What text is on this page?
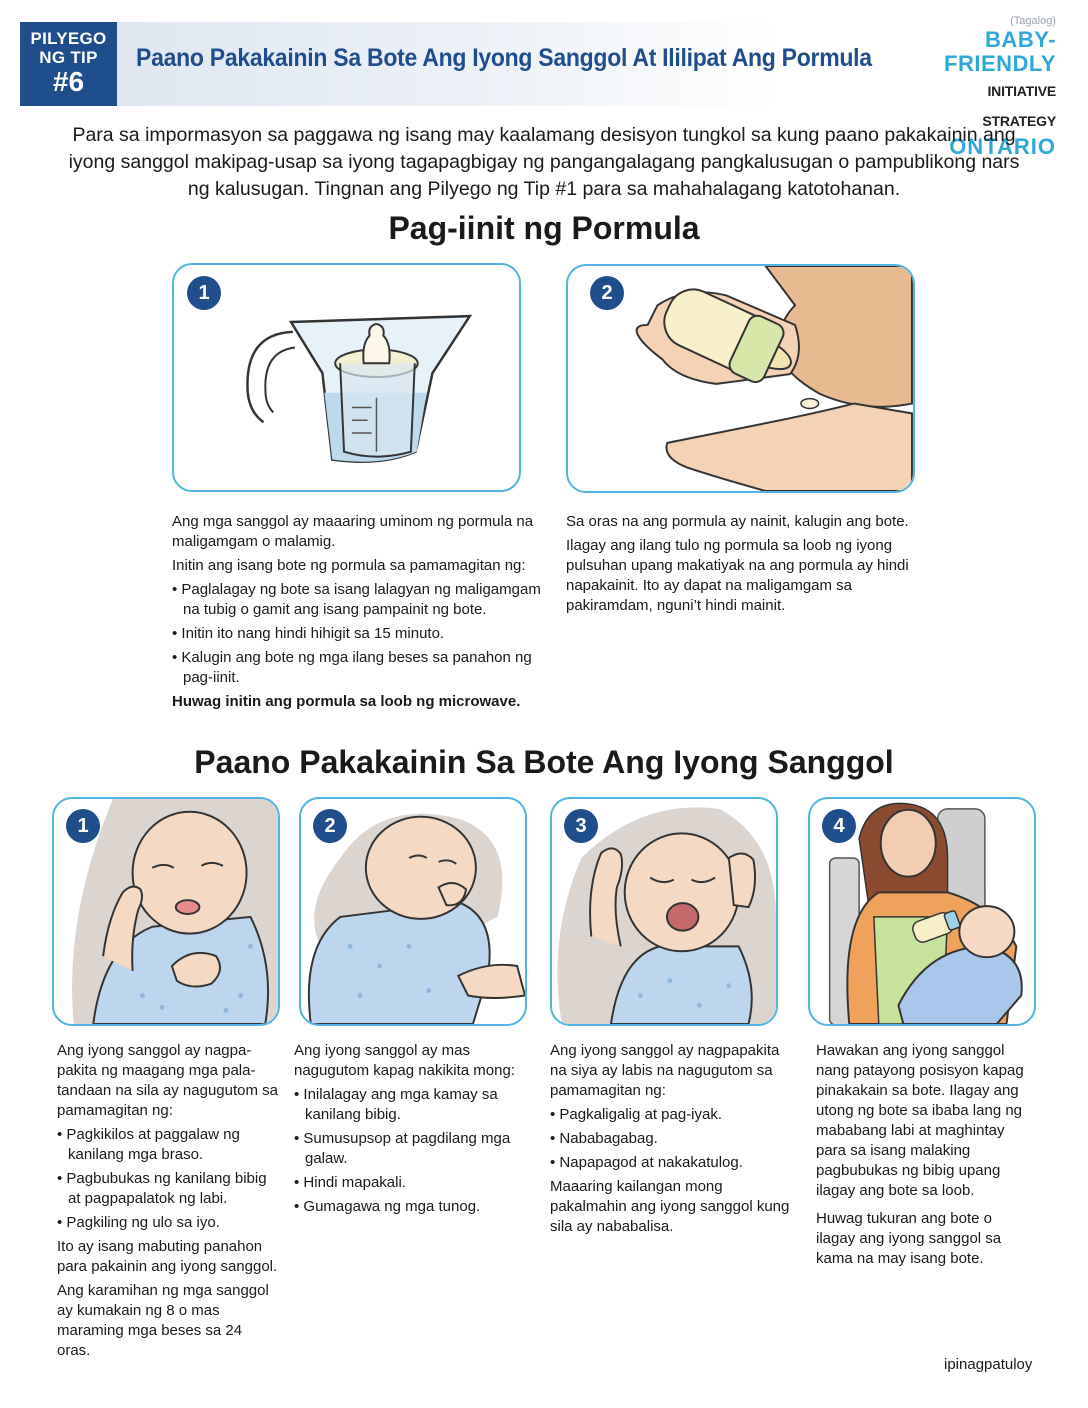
PILYEGO
NG TIP
#6
Paano Pakakainin Sa Bote Ang Iyong Sanggol At Ililipat Ang Pormula
(Tagalog)
BABY-FRIENDLY
INITIATIVE STRATEGY
ONTARIO
Para sa impormasyon sa paggawa ng isang may kaalamang desisyon tungkol sa kung paano pakakainin ang iyong sanggol makipag-usap sa iyong tagapagbigay ng pangangalagang pangkalusugan o pampublikong nars ng kalusugan. Tingnan ang Pilyego ng Tip #1 para sa mahahalagang katotohanan.
Pag-iinit ng Pormula
1	2

Ang mga sanggol ay maaaring uminom ng pormula na maligamgam o malamig.

Initin ang isang bote ng pormula sa pamamagitan ng:

• Paglalagay ng bote sa isang lalagyan ng maligamgam na tubig o gamit ang isang pampainit ng bote.
• Initin ito nang hindi hihigit sa 15 minuto.
• Kalugin ang bote ng mga ilang beses sa panahon ng pag-iinit.

Huwag initin ang pormula sa loob ng microwave.

Sa oras na ang pormula ay nainit, kalugin ang bote.

Ilagay ang ilang tulo ng pormula sa loob ng iyong pulsuhan upang makatiyak na ang pormula ay hindi napakainit. Ito ay dapat na maligamgam sa pakiramdam, nguni’t hindi mainit.

Paano Pakakainin Sa Bote Ang Iyong Sanggol
1	2	3	4

Ang iyong sanggol ay nagpa-pakita ng maagang mga pala-tandaan na sila ay nagugutom sa pamamagitan ng:

• Pagkikilos at paggalaw ng kanilang mga braso.
• Pagbubukas ng kanilang bibig at pagpapalatok ng labi.
• Pagkiling ng ulo sa iyo.

Ito ay isang mabuting panahon para pakainin ang iyong sanggol.

Ang karamihan ng mga sanggol ay kumakain ng 8 o mas maraming mga beses sa 24 oras.

Ang iyong sanggol ay mas nagugutom kapag nakikita mong:

• Inilalagay ang mga kamay sa kanilang bibig.
• Sumusupsop at pagdilang mga galaw.
• Hindi mapakali.
• Gumagawa ng mga tunog.

Ang iyong sanggol ay nagpapakita na siya ay labis na nagugutom sa pamamagitan ng:

• Pagkaligalig at pag-iyak.
• Nababagabag.
• Napapagod at nakakatulog.

Maaaring kailangan mong pakalmahin ang iyong sanggol kung sila ay nababalisa.

Hawakan ang iyong sanggol nang patayong posisyon kapag pinakakain sa bote. Ilagay ang utong ng bote sa ibaba lang ng mababang labi at maghintay para sa isang malaking pagbubukas ng bibig upang ilagay ang bote sa loob.

Huwag tukuran ang bote o ilagay ang iyong sanggol sa kama na may isang bote.

ipinagpatuloy
